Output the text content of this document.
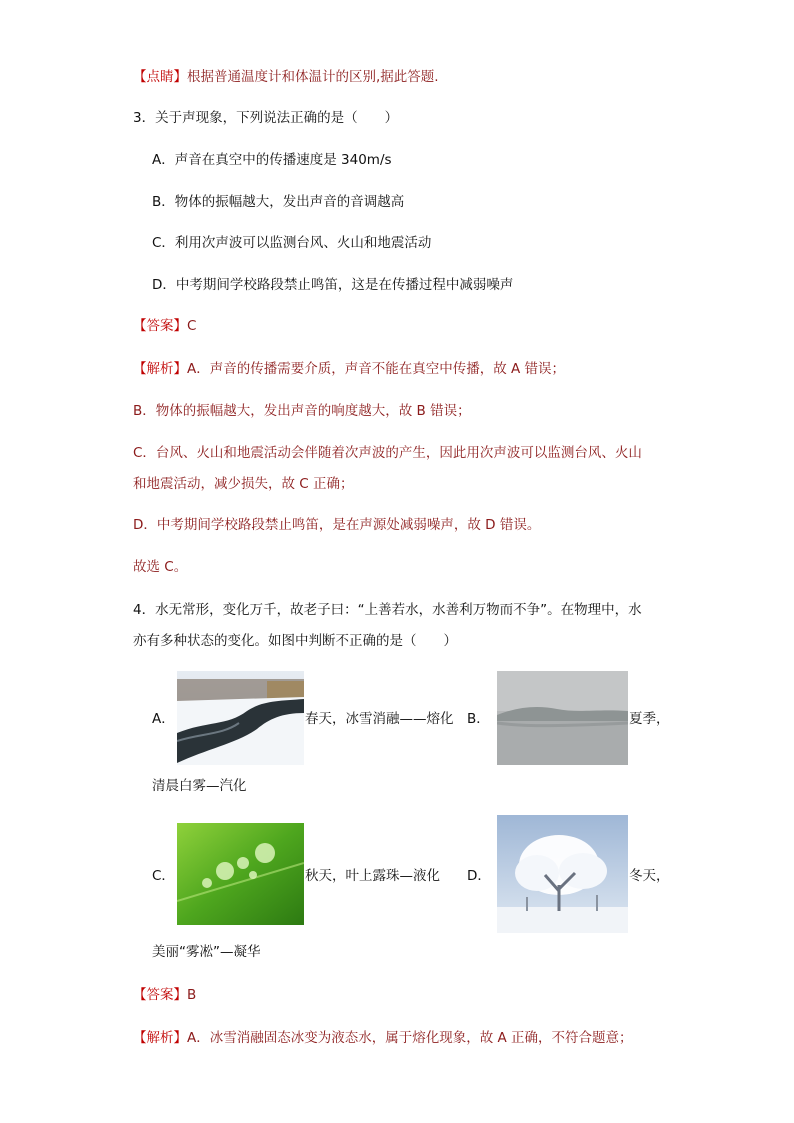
【点睛】根据普通温度计和体温计的区别,据此答题.
3．关于声现象，下列说法正确的是（　　）
A．声音在真空中的传播速度是 340m/s
B．物体的振幅越大，发出声音的音调越高
C．利用次声波可以监测台风、火山和地震活动
D．中考期间学校路段禁止鸣笛，这是在传播过程中减弱噪声
【答案】C
【解析】A．声音的传播需要介质，声音不能在真空中传播，故 A 错误；
B．物体的振幅越大，发出声音的响度越大，故 B 错误；
C．台风、火山和地震活动会伴随着次声波的产生，因此用次声波可以监测台风、火山
和地震活动，减少损失，故 C 正确；
D．中考期间学校路段禁止鸣笛，是在声源处减弱噪声，故 D 错误。
故选 C。
4．水无常形，变化万千，故老子曰：“上善若水，水善利万物而不争”。在物理中，水
亦有多种状态的变化。如图中判断不正确的是（　　）
A．	春天，冰雪消融——熔化 B．	夏季，
清晨白雾—汽化
C．	秋天，叶上露珠—液化 D．	冬天，
美丽“雾凇”—凝华
【答案】B
【解析】A．冰雪消融固态冰变为液态水，属于熔化现象，故 A 正确，不符合题意；
